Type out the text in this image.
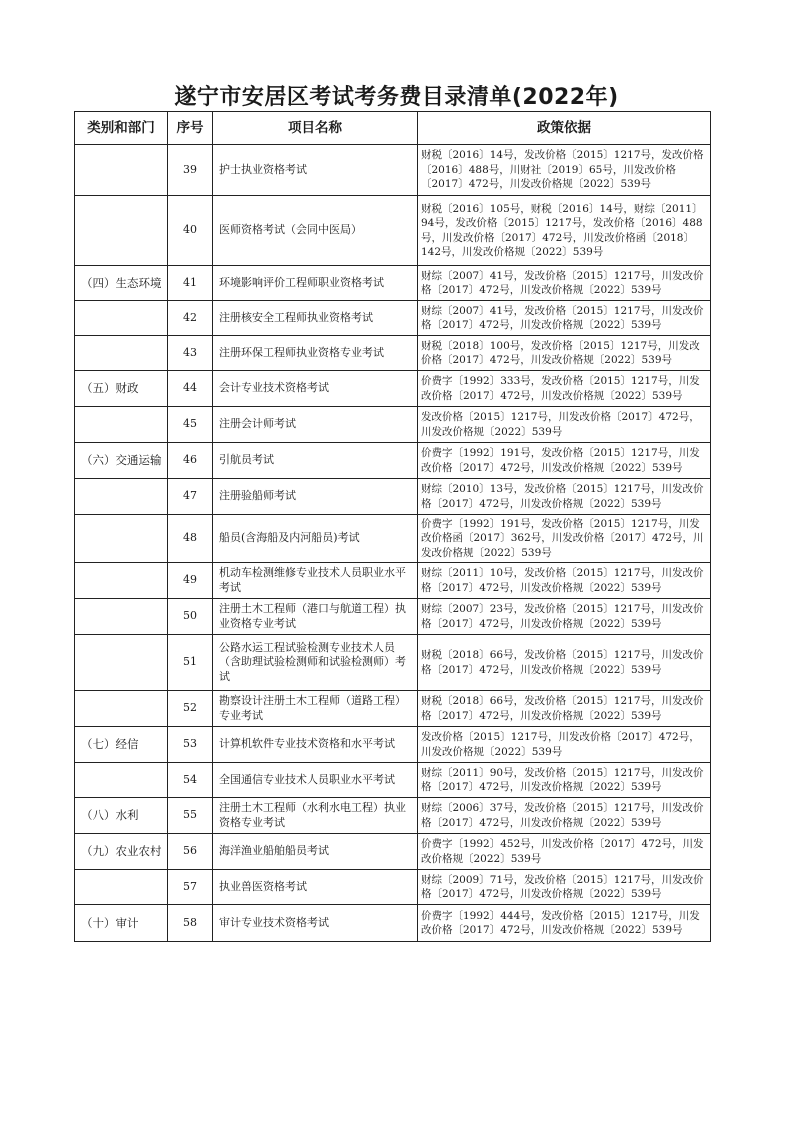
遂宁市安居区考试考务费目录清单(2022年)
类别和部门	序号	项目名称	政策依据
	39	护士执业资格考试	财税〔2016〕14号，发改价格〔2015〕1217号，发改价格〔2016〕488号，川财社〔2019〕65号，川发改价格〔2017〕472号，川发改价格规〔2022〕539号
	40	医师资格考试（会同中医局）	财税〔2016〕105号，财税〔2016〕14号，财综〔2011〕94号，发改价格〔2015〕1217号，发改价格〔2016〕488号，川发改价格〔2017〕472号，川发改价格函〔2018〕142号，川发改价格规〔2022〕539号
（四）生态环境	41	环境影响评价工程师职业资格考试	财综〔2007〕41号，发改价格〔2015〕1217号，川发改价格〔2017〕472号，川发改价格规〔2022〕539号
	42	注册核安全工程师执业资格考试	财综〔2007〕41号，发改价格〔2015〕1217号，川发改价格〔2017〕472号，川发改价格规〔2022〕539号
	43	注册环保工程师执业资格专业考试	财税〔2018〕100号，发改价格〔2015〕1217号，川发改价格〔2017〕472号，川发改价格规〔2022〕539号
（五）财政	44	会计专业技术资格考试	价费字〔1992〕333号，发改价格〔2015〕1217号，川发改价格〔2017〕472号，川发改价格规〔2022〕539号
	45	注册会计师考试	发改价格〔2015〕1217号，川发改价格〔2017〕472号，川发改价格规〔2022〕539号
（六）交通运输	46	引航员考试	价费字〔1992〕191号，发改价格〔2015〕1217号，川发改价格〔2017〕472号，川发改价格规〔2022〕539号
	47	注册验船师考试	财综〔2010〕13号，发改价格〔2015〕1217号，川发改价格〔2017〕472号，川发改价格规〔2022〕539号
	48	船员(含海船及内河船员)考试	价费字〔1992〕191号，发改价格〔2015〕1217号，川发改价格函〔2017〕362号，川发改价格〔2017〕472号，川发改价格规〔2022〕539号
	49	机动车检测维修专业技术人员职业水平考试	财综〔2011〕10号，发改价格〔2015〕1217号，川发改价格〔2017〕472号，川发改价格规〔2022〕539号
	50	注册土木工程师（港口与航道工程）执业资格专业考试	财综〔2007〕23号，发改价格〔2015〕1217号，川发改价格〔2017〕472号，川发改价格规〔2022〕539号
	51	公路水运工程试验检测专业技术人员（含助理试验检测师和试验检测师）考试	财税〔2018〕66号，发改价格〔2015〕1217号，川发改价格〔2017〕472号，川发改价格规〔2022〕539号
	52	勘察设计注册土木工程师（道路工程）专业考试	财税〔2018〕66号，发改价格〔2015〕1217号，川发改价格〔2017〕472号，川发改价格规〔2022〕539号
（七）经信	53	计算机软件专业技术资格和水平考试	发改价格〔2015〕1217号，川发改价格〔2017〕472号，川发改价格规〔2022〕539号
	54	全国通信专业技术人员职业水平考试	财综〔2011〕90号，发改价格〔2015〕1217号，川发改价格〔2017〕472号，川发改价格规〔2022〕539号
（八）水利	55	注册土木工程师（水利水电工程）执业资格专业考试	财综〔2006〕37号，发改价格〔2015〕1217号，川发改价格〔2017〕472号，川发改价格规〔2022〕539号
（九）农业农村	56	海洋渔业船舶船员考试	价费字〔1992〕452号，川发改价格〔2017〕472号，川发改价格规〔2022〕539号
	57	执业兽医资格考试	财综〔2009〕71号，发改价格〔2015〕1217号，川发改价格〔2017〕472号，川发改价格规〔2022〕539号
（十）审计	58	审计专业技术资格考试	价费字〔1992〕444号，发改价格〔2015〕1217号，川发改价格〔2017〕472号，川发改价格规〔2022〕539号
